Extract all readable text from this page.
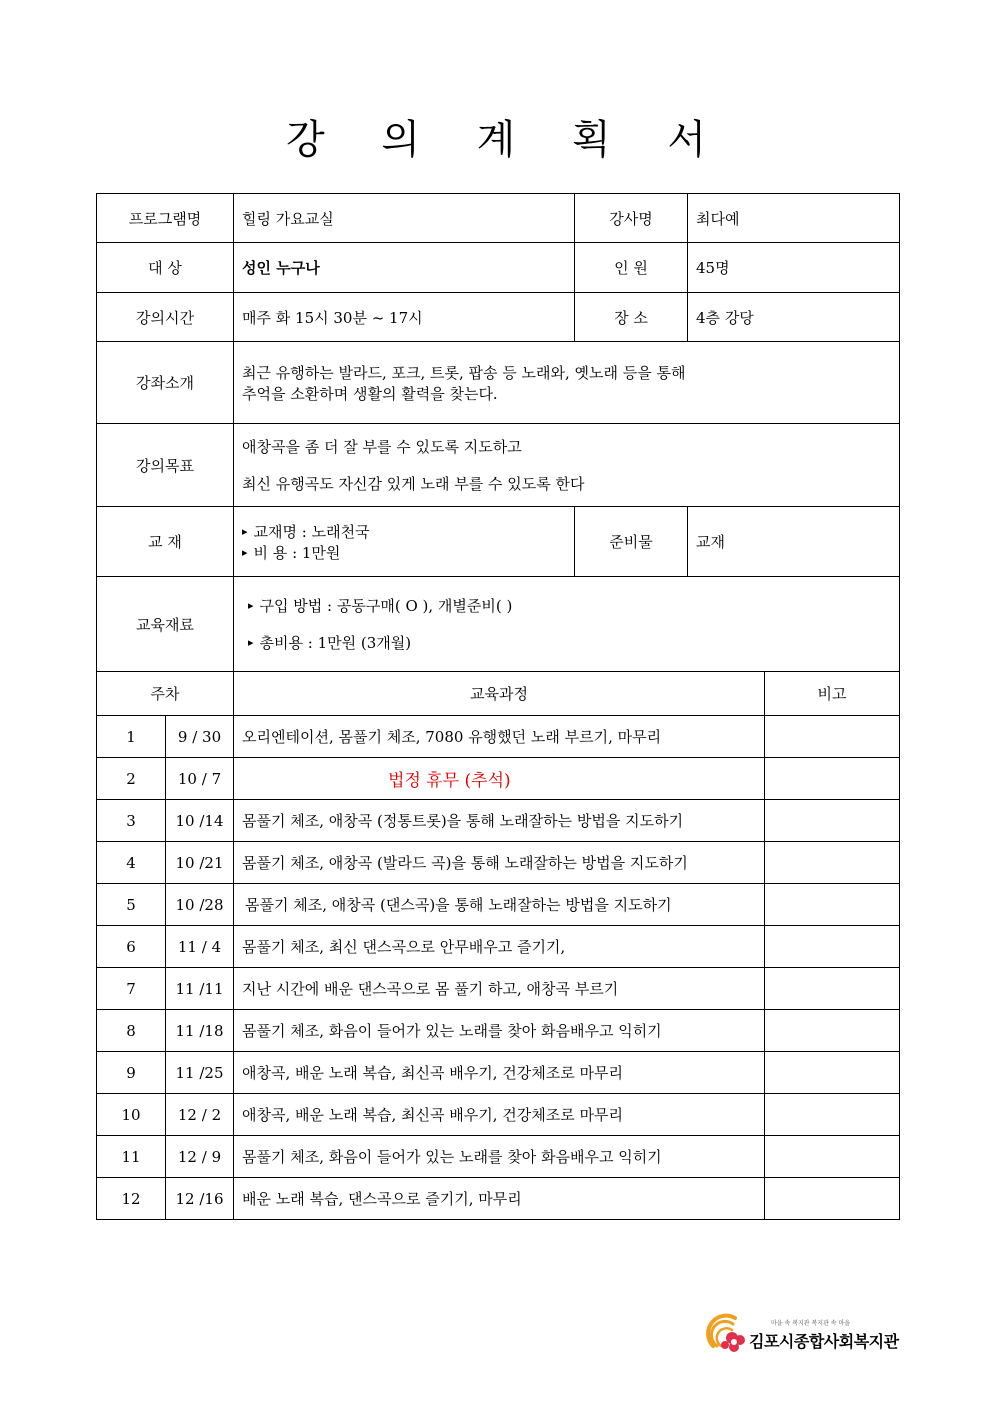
강 의 계 획 서
프로그램명		힐링 가요교실	강사명	최다예	
대 상		성인 누구나	인 원	45명	
강의시간		매주 화 15시 30분 ~ 17시	장 소	4층 강당	
강좌소개		최근 유행하는 발라드, 포크, 트롯, 팝송 등 노래와, 옛노래 등을 통해
추억을 소환하며 생활의 활력을 찾는다.			

강의목표		애창곡을 좀 더 잘 부를 수 있도록 지도하고
최신 유행곡도 자신감 있게 노래 부를 수 있도록 한다			

교 재		▸ 교재명 : 노래천국
▸ 비 용 : 1만원	준비물	교재	
교육재료		▸ 구입 방법 : 공동구매( O ), 개별준비( )
▸ 총비용 : 1만원 (3개월)			

주차		교육과정			비고
1	9 / 30	오리엔테이션, 몸풀기 체조, 7080 유행했던 노래 부르기, 마무리			
2	10 / 7	법정 휴무 (추석)			
3	10 /14	몸풀기 체조, 애창곡 (정통트롯)을 통해 노래잘하는 방법을 지도하기			
4	10 /21	몸풀기 체조, 애창곡 (발라드 곡)을 통해 노래잘하는 방법을 지도하기			
5	10 /28	몸풀기 체조, 애창곡 (댄스곡)을 통해 노래잘하는 방법을 지도하기			
6	11 / 4	몸풀기 체조, 최신 댄스곡으로 안무배우고 즐기기,			
7	11 /11	지난 시간에 배운 댄스곡으로 몸 풀기 하고, 애창곡 부르기			
8	11 /18	몸풀기 체조, 화음이 들어가 있는 노래를 찾아 화음배우고 익히기			
9	11 /25	애창곡, 배운 노래 복습, 최신곡 배우기, 건강체조로 마무리			
10	12 / 2	애창곡, 배운 노래 복습, 최신곡 배우기, 건강체조로 마무리			
11	12 / 9	몸풀기 체조, 화음이 들어가 있는 노래를 찾아 화음배우고 익히기			
12	12 /16	배운 노래 복습, 댄스곡으로 즐기기, 마무리			
마을 속 복지관 복지관 속 마을
김포시종합사회복지관
